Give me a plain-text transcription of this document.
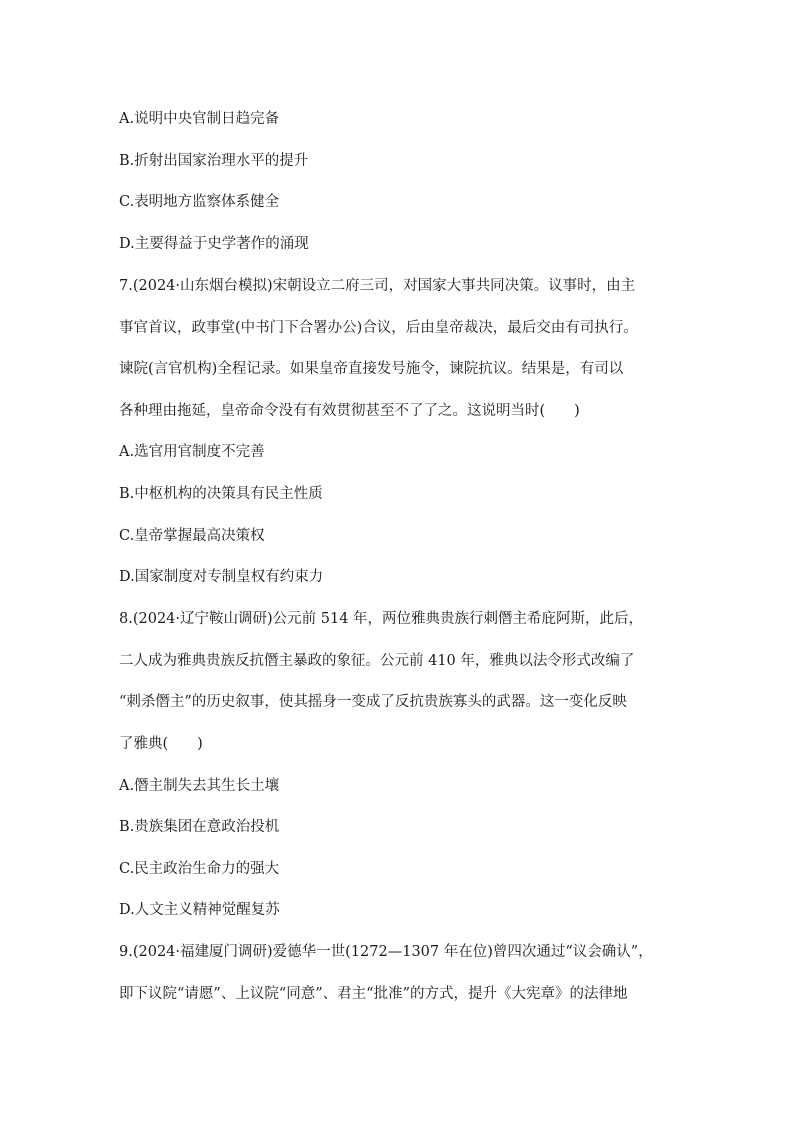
A.说明中央官制日趋完备
B.折射出国家治理水平的提升
C.表明地方监察体系健全
D.主要得益于史学著作的涌现
7.(2024·山东烟台模拟)宋朝设立二府三司，对国家大事共同决策。议事时，由主
事官首议，政事堂(中书门下合署办公)合议，后由皇帝裁决，最后交由有司执行。
谏院(言官机构)全程记录。如果皇帝直接发号施令，谏院抗议。结果是，有司以
各种理由拖延，皇帝命令没有有效贯彻甚至不了了之。这说明当时(　　)
A.选官用官制度不完善
B.中枢机构的决策具有民主性质
C.皇帝掌握最高决策权
D.国家制度对专制皇权有约束力
8.(2024·辽宁鞍山调研)公元前 514 年，两位雅典贵族行刺僭主希庇阿斯，此后，
二人成为雅典贵族反抗僭主暴政的象征。公元前 410 年，雅典以法令形式改编了
“刺杀僭主”的历史叙事，使其摇身一变成了反抗贵族寡头的武器。这一变化反映
了雅典(　　)
A.僭主制失去其生长土壤
B.贵族集团在意政治投机
C.民主政治生命力的强大
D.人文主义精神觉醒复苏
9.(2024·福建厦门调研)爱德华一世(1272—1307 年在位)曾四次通过“议会确认”，
即下议院“请愿”、上议院“同意”、君主“批准”的方式，提升《大宪章》的法律地
